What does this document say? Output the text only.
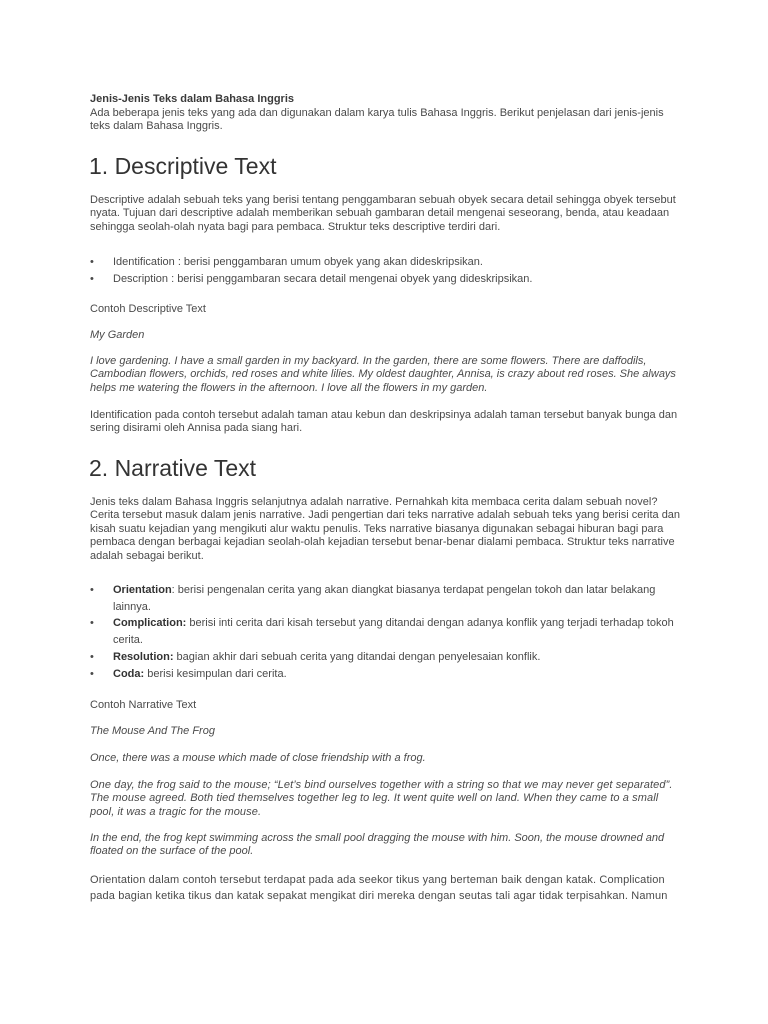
Jenis-Jenis Teks dalam Bahasa Inggris
Ada beberapa jenis teks yang ada dan digunakan dalam karya tulis Bahasa Inggris. Berikut penjelasan dari jenis-jenis teks dalam Bahasa Inggris.
1. Descriptive Text
Descriptive adalah sebuah teks yang berisi tentang penggambaran sebuah obyek secara detail sehingga obyek tersebut nyata. Tujuan dari descriptive adalah memberikan sebuah gambaran detail mengenai seseorang, benda, atau keadaan sehingga seolah-olah nyata bagi para pembaca. Struktur teks descriptive terdiri dari.
• Identification : berisi penggambaran umum obyek yang akan dideskripsikan.
• Description : berisi penggambaran secara detail mengenai obyek yang dideskripsikan.
Contoh Descriptive Text
My Garden
I love gardening. I have a small garden in my backyard. In the garden, there are some flowers. There are daffodils, Cambodian flowers, orchids, red roses and white lilies. My oldest daughter, Annisa, is crazy about red roses. She always helps me watering the flowers in the afternoon. I love all the flowers in my garden.
Identification pada contoh tersebut adalah taman atau kebun dan deskripsinya adalah taman tersebut banyak bunga dan sering disirami oleh Annisa pada siang hari.
2. Narrative Text
Jenis teks dalam Bahasa Inggris selanjutnya adalah narrative. Pernahkah kita membaca cerita dalam sebuah novel? Cerita tersebut masuk dalam jenis narrative. Jadi pengertian dari teks narrative adalah sebuah teks yang berisi cerita dan kisah suatu kejadian yang mengikuti alur waktu penulis. Teks narrative biasanya digunakan sebagai hiburan bagi para pembaca dengan berbagai kejadian seolah-olah kejadian tersebut benar-benar dialami pembaca. Struktur teks narrative adalah sebagai berikut.
• Orientation: berisi pengenalan cerita yang akan diangkat biasanya terdapat pengelan tokoh dan latar belakang lainnya.
• Complication: berisi inti cerita dari kisah tersebut yang ditandai dengan adanya konflik yang terjadi terhadap tokoh cerita.
• Resolution: bagian akhir dari sebuah cerita yang ditandai dengan penyelesaian konflik.
• Coda: berisi kesimpulan dari cerita.
Contoh Narrative Text
The Mouse And The Frog
Once, there was a mouse which made of close friendship with a frog.
One day, the frog said to the mouse; “Let’s bind ourselves together with a string so that we may never get separated”. The mouse agreed. Both tied themselves together leg to leg. It went quite well on land. When they came to a small pool, it was a tragic for the mouse.
In the end, the frog kept swimming across the small pool dragging the mouse with him. Soon, the mouse drowned and floated on the surface of the pool.
Orientation dalam contoh tersebut terdapat pada ada seekor tikus yang berteman baik dengan katak. Complication pada bagian ketika tikus dan katak sepakat mengikat diri mereka dengan seutas tali agar tidak terpisahkan. Namun
